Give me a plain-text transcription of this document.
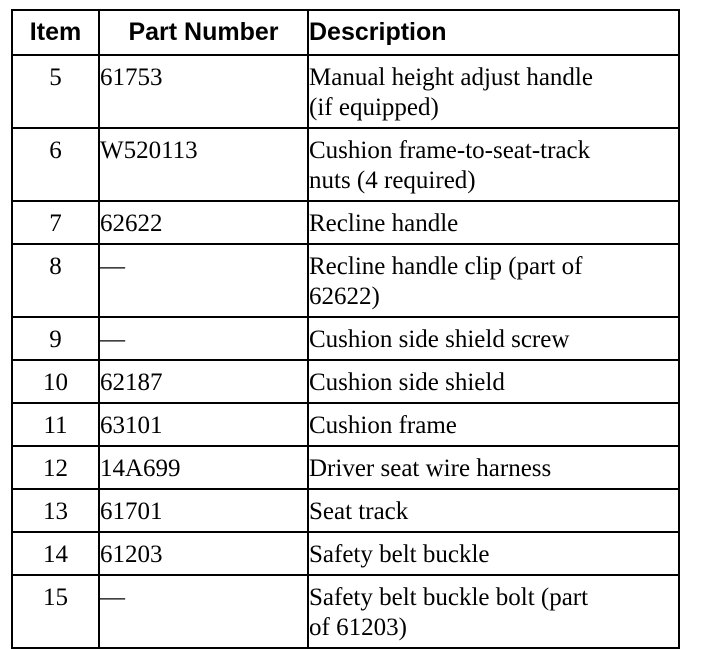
Item	Part Number	Description
5	61753	Manual height adjust handle
(if equipped)

6	W520113	Cushion frame-to-seat-track
nuts (4 required)

7	62622	Recline handle

8	—	Recline handle clip (part of
62622)

9	—	Cushion side shield screw

10	62187	Cushion side shield

11	63101	Cushion frame

12	14A699	Driver seat wire harness

13	61701	Seat track

14	61203	Safety belt buckle

15	—	Safety belt buckle bolt (part
of 61203)
